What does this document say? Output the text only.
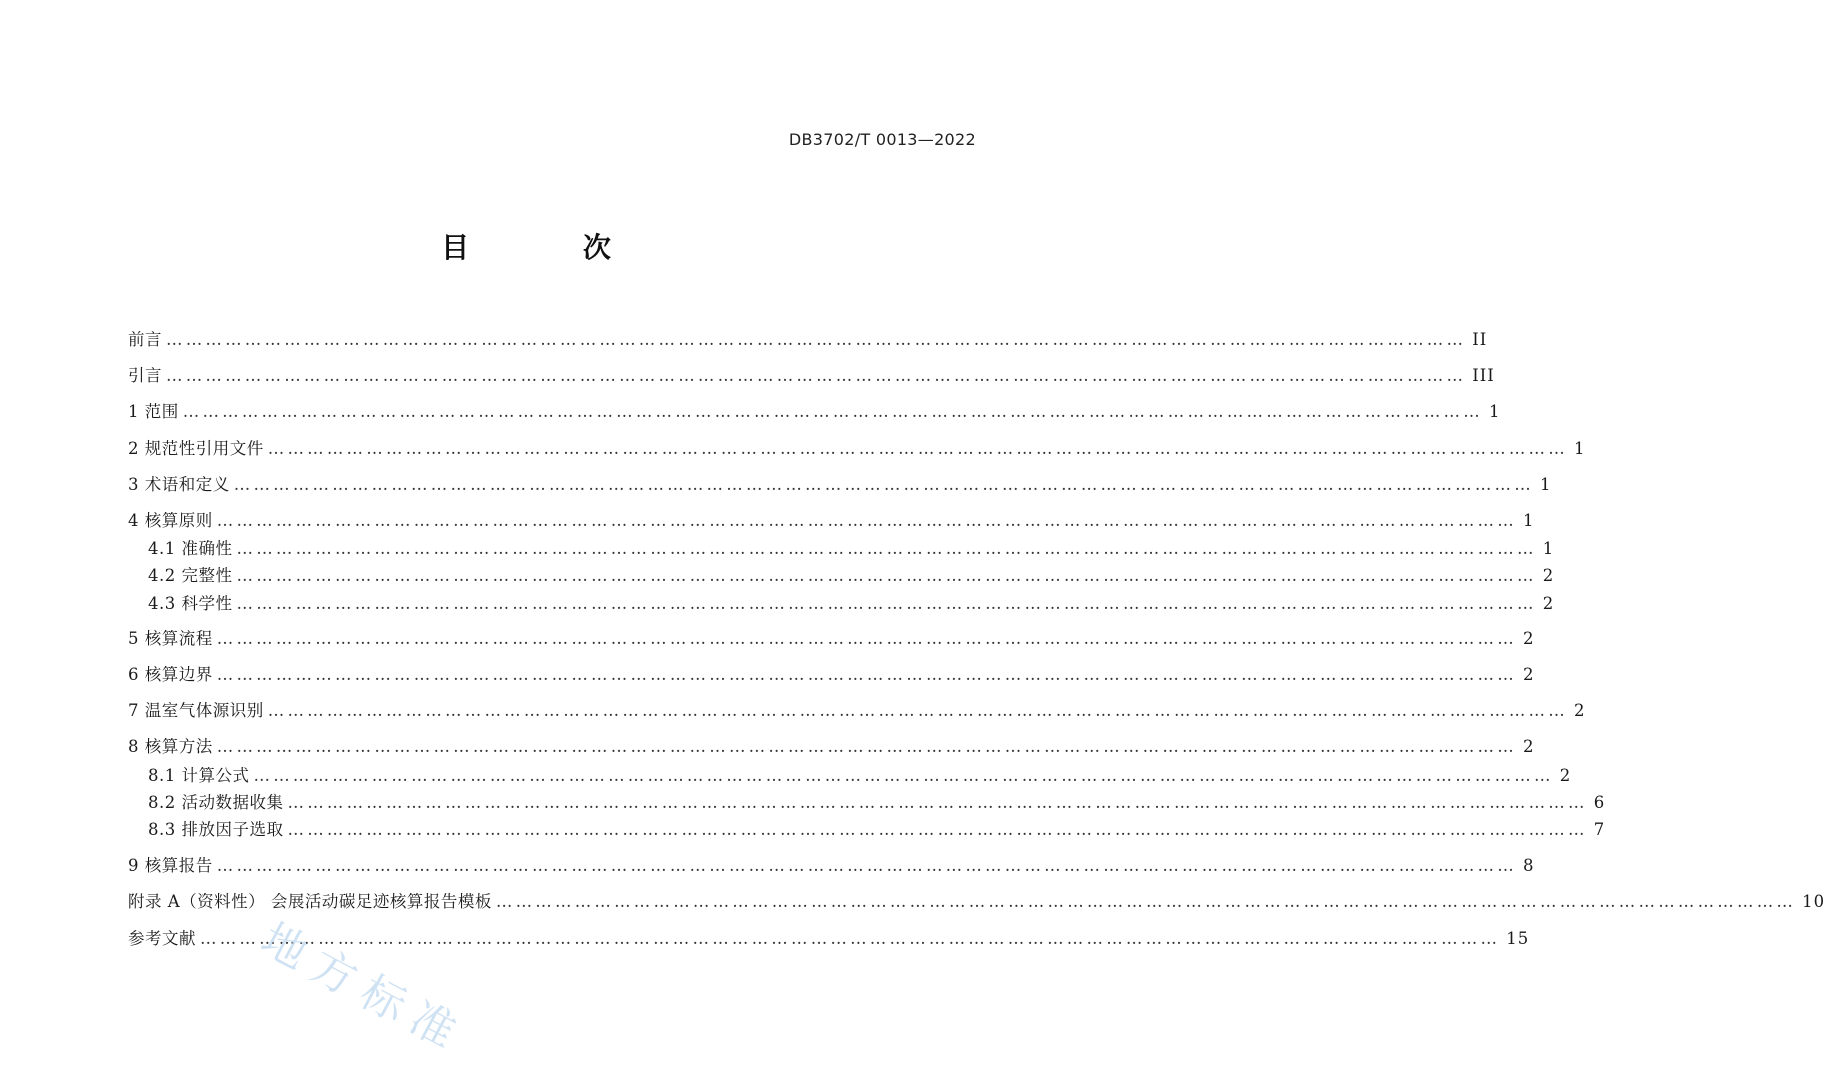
DB3702/T 0013—2022
目 次
前言 ……………………………………………………………………………………………………………………………………………………………………………… II
引言 ……………………………………………………………………………………………………………………………………………………………………………… III
1 范围 ……………………………………………………………………………………………………………………………………………………………………………… 1
2 规范性引用文件 ……………………………………………………………………………………………………………………………………………………………………………… 1
3 术语和定义 ……………………………………………………………………………………………………………………………………………………………………………… 1
4 核算原则 ……………………………………………………………………………………………………………………………………………………………………………… 1
4.1 准确性 ……………………………………………………………………………………………………………………………………………………………………………… 1
4.2 完整性 ……………………………………………………………………………………………………………………………………………………………………………… 2
4.3 科学性 ……………………………………………………………………………………………………………………………………………………………………………… 2
5 核算流程 ……………………………………………………………………………………………………………………………………………………………………………… 2
6 核算边界 ……………………………………………………………………………………………………………………………………………………………………………… 2
7 温室气体源识别 ……………………………………………………………………………………………………………………………………………………………………………… 2
8 核算方法 ……………………………………………………………………………………………………………………………………………………………………………… 2
8.1 计算公式 ……………………………………………………………………………………………………………………………………………………………………………… 2
8.2 活动数据收集 ……………………………………………………………………………………………………………………………………………………………………………… 6
8.3 排放因子选取 ……………………………………………………………………………………………………………………………………………………………………………… 7
9 核算报告 ……………………………………………………………………………………………………………………………………………………………………………… 8
附录 A（资料性） 会展活动碳足迹核算报告模板 ……………………………………………………………………………………………………………………………………………………………………………… 10
参考文献 ……………………………………………………………………………………………………………………………………………………………………………… 15
地方标准
